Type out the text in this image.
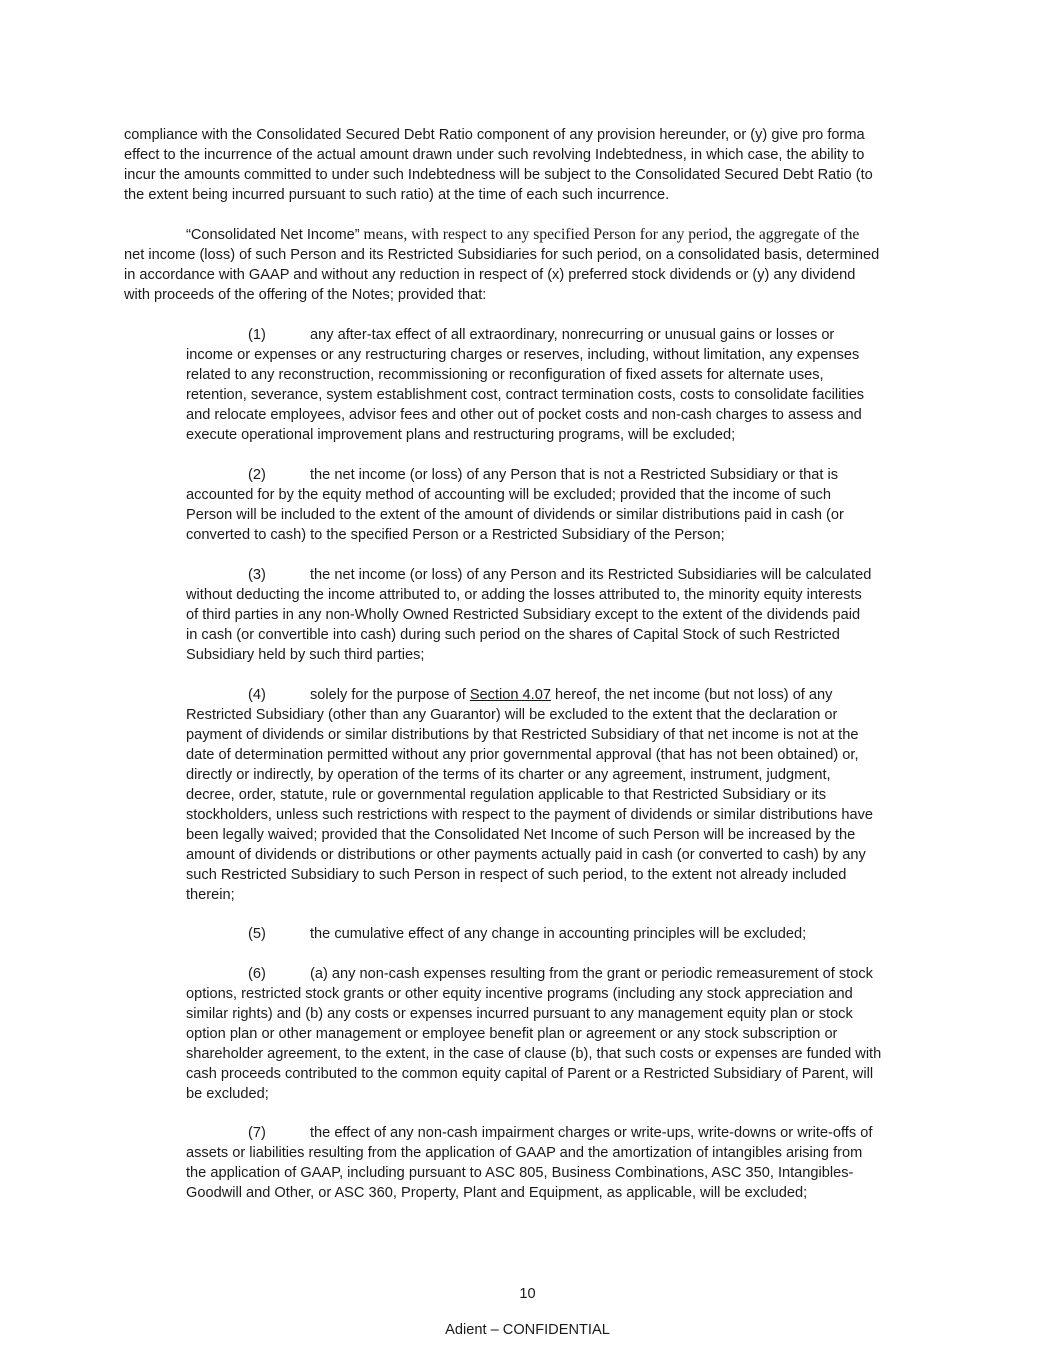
compliance with the Consolidated Secured Debt Ratio component of any provision hereunder, or (y) give pro forma
effect to the incurrence of the actual amount drawn under such revolving Indebtedness, in which case, the ability to
incur the amounts committed to under such Indebtedness will be subject to the Consolidated Secured Debt Ratio (to
the extent being incurred pursuant to such ratio) at the time of each such incurrence.

“Consolidated Net Income” means, with respect to any specified Person for any period, the aggregate of the
net income (loss) of such Person and its Restricted Subsidiaries for such period, on a consolidated basis, determined
in accordance with GAAP and without any reduction in respect of (x) preferred stock dividends or (y) any dividend
with proceeds of the offering of the Notes; provided that:

(1)	any after-tax effect of all extraordinary, nonrecurring or unusual gains or losses or
income or expenses or any restructuring charges or reserves, including, without limitation, any expenses
related to any reconstruction, recommissioning or reconfiguration of fixed assets for alternate uses,
retention, severance, system establishment cost, contract termination costs, costs to consolidate facilities
and relocate employees, advisor fees and other out of pocket costs and non-cash charges to assess and
execute operational improvement plans and restructuring programs, will be excluded;

(2)	the net income (or loss) of any Person that is not a Restricted Subsidiary or that is
accounted for by the equity method of accounting will be excluded; provided that the income of such
Person will be included to the extent of the amount of dividends or similar distributions paid in cash (or
converted to cash) to the specified Person or a Restricted Subsidiary of the Person;

(3)	the net income (or loss) of any Person and its Restricted Subsidiaries will be calculated
without deducting the income attributed to, or adding the losses attributed to, the minority equity interests
of third parties in any non-Wholly Owned Restricted Subsidiary except to the extent of the dividends paid
in cash (or convertible into cash) during such period on the shares of Capital Stock of such Restricted
Subsidiary held by such third parties;

(4)	solely for the purpose of Section 4.07 hereof, the net income (but not loss) of any
Restricted Subsidiary (other than any Guarantor) will be excluded to the extent that the declaration or
payment of dividends or similar distributions by that Restricted Subsidiary of that net income is not at the
date of determination permitted without any prior governmental approval (that has not been obtained) or,
directly or indirectly, by operation of the terms of its charter or any agreement, instrument, judgment,
decree, order, statute, rule or governmental regulation applicable to that Restricted Subsidiary or its
stockholders, unless such restrictions with respect to the payment of dividends or similar distributions have
been legally waived; provided that the Consolidated Net Income of such Person will be increased by the
amount of dividends or distributions or other payments actually paid in cash (or converted to cash) by any
such Restricted Subsidiary to such Person in respect of such period, to the extent not already included
therein;

(5)	the cumulative effect of any change in accounting principles will be excluded;

(6)	(a) any non-cash expenses resulting from the grant or periodic remeasurement of stock
options, restricted stock grants or other equity incentive programs (including any stock appreciation and
similar rights) and (b) any costs or expenses incurred pursuant to any management equity plan or stock
option plan or other management or employee benefit plan or agreement or any stock subscription or
shareholder agreement, to the extent, in the case of clause (b), that such costs or expenses are funded with
cash proceeds contributed to the common equity capital of Parent or a Restricted Subsidiary of Parent, will
be excluded;

(7)	the effect of any non-cash impairment charges or write-ups, write-downs or write-offs of
assets or liabilities resulting from the application of GAAP and the amortization of intangibles arising from
the application of GAAP, including pursuant to ASC 805, Business Combinations, ASC 350, Intangibles-
Goodwill and Other, or ASC 360, Property, Plant and Equipment, as applicable, will be excluded;

10
Adient – CONFIDENTIAL
